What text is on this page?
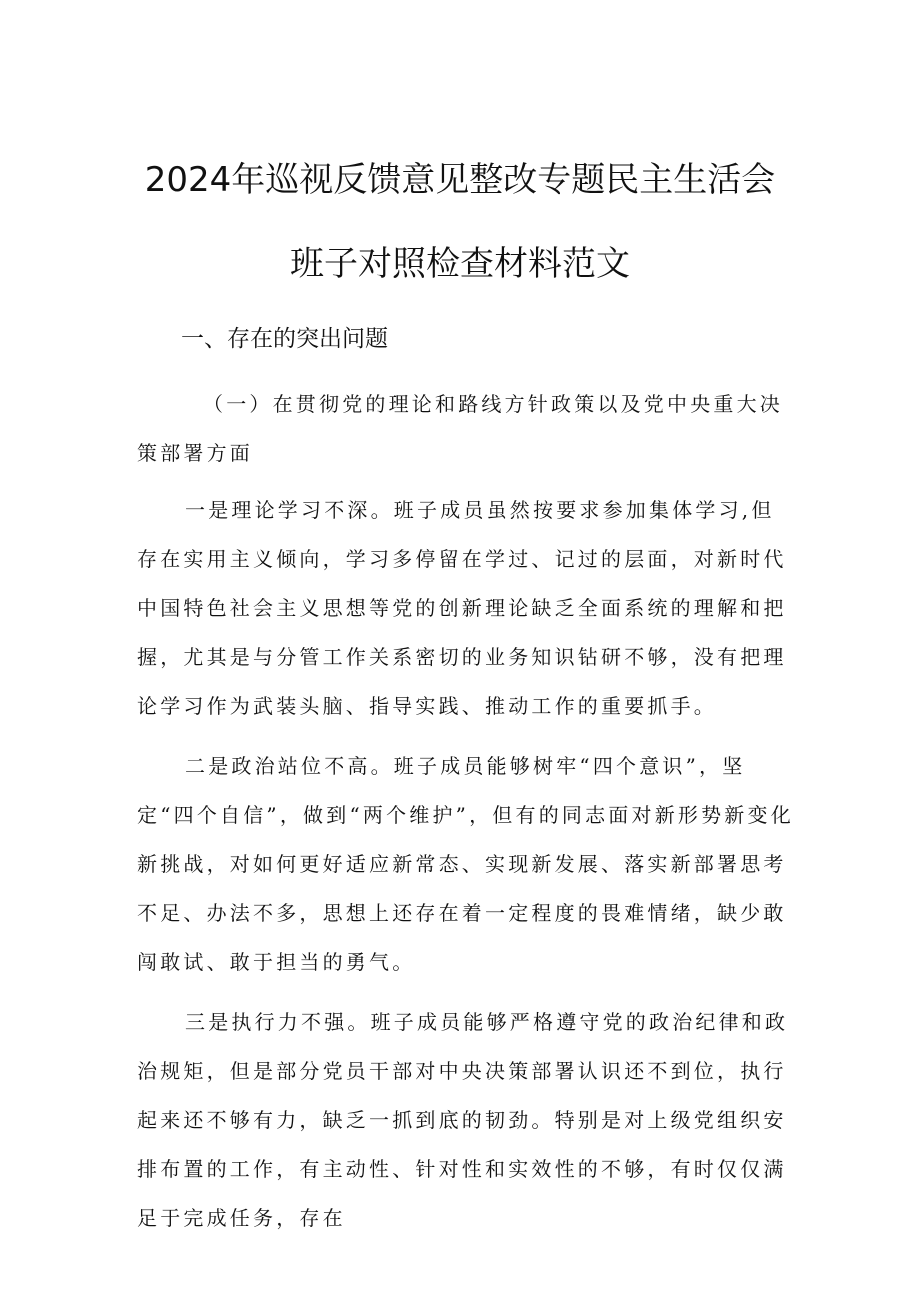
2024年巡视反馈意见整改专题民主生活会
班子对照检查材料范文
一、存在的突出问题

（一）在贯彻党的理论和路线方针政策以及党中央重大决策部署方面

一是理论学习不深。班子成员虽然按要求参加集体学习,但存在实用主义倾向，学习多停留在学过、记过的层面，对新时代中国特色社会主义思想等党的创新理论缺乏全面系统的理解和把握，尤其是与分管工作关系密切的业务知识钻研不够，没有把理论学习作为武装头脑、指导实践、推动工作的重要抓手。

二是政治站位不高。班子成员能够树牢“四个意识”，坚定“四个自信”，做到“两个维护”，但有的同志面对新形势新变化新挑战，对如何更好适应新常态、实现新发展、落实新部署思考不足、办法不多，思想上还存在着一定程度的畏难情绪，缺少敢闯敢试、敢于担当的勇气。

三是执行力不强。班子成员能够严格遵守党的政治纪律和政治规矩，但是部分党员干部对中央决策部署认识还不到位，执行起来还不够有力，缺乏一抓到底的韧劲。特别是对上级党组织安排布置的工作，有主动性、针对性和实效性的不够，有时仅仅满足于完成任务，存在
